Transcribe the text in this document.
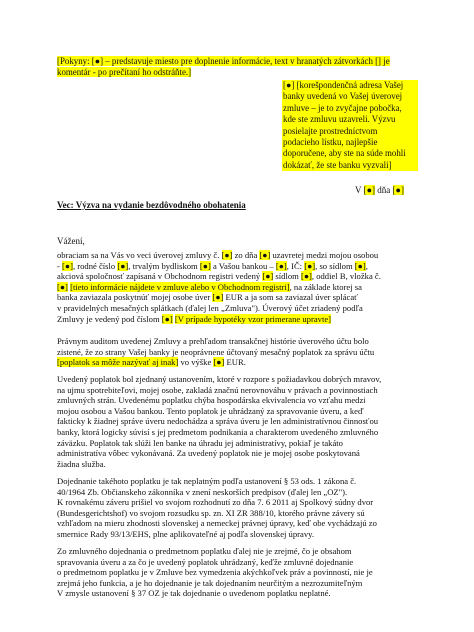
[Pokyny: [●] – predstavuje miesto pre doplnenie informácie, text v hranatých zátvorkách [] je
komentár - po prečítaní ho odstráňte.]
[●] [korešpondenčná adresa Vašej
banky uvedená vo Vašej úverovej
zmluve – je to zvyčajne pobočka,
kde ste zmluvu uzavreli. Výzvu
posielajte prostredníctvom
podacieho lístku, najlepšie
doporučene, aby ste na súde mohli
dokázať, že ste banku vyzvali]
V [●] dňa [●]
Vec: Výzva na vydanie bezdôvodného obohatenia
Vážení,
obraciam sa na Vás vo veci úverovej zmluvy č. [●] zo dňa [●] uzavretej medzi mojou osobou
- [●], rodné číslo [●], trvalým bydliskom [●] a Vašou bankou – [●], IČ: [●], so sídlom [●],
akciová spoločnosť zapísaná v Obchodnom registri vedený [●] sídlom [●], oddiel B, vložka č.
[●] [tieto informácie nájdete v zmluve alebo v Obchodnom registri], na základe ktorej sa
banka zaviazala poskytnúť mojej osobe úver [●] EUR a ja som sa zaviazal úver splácať
v pravidelných mesačných splátkach (ďalej len „Zmluva"). Úverový účet zriadený podľa
Zmluvy je vedený pod číslom [●] [V prípade hypotéky vzor primerane upravte]
Právnym auditom uvedenej Zmluvy a prehľadom transakčnej histórie úverového účtu bolo
zistené, že zo strany Vašej banky je neoprávnene účtovaný mesačný poplatok za správu účtu
[poplatok sa môže nazývať aj inak] vo výške [●] EUR.
Uvedený poplatok bol zjednaný ustanovením, ktoré v rozpore s požiadavkou dobrých mravov,
na ujmu spotrebiteľovi, mojej osobe, zakladá značnú nerovnováhu v právach a povinnostiach
zmluvných strán. Uvedenému poplatku chýba hospodárska ekvivalencia vo vzťahu medzi
mojou osobou a Vašou bankou. Tento poplatok je uhrádzaný za spravovanie úveru, a keď
fakticky k žiadnej správe úveru nedochádza a správa úveru je len administratívnou činnosťou
banky, ktorá logicky súvisí s jej predmetom podnikania a charakterom uvedeného zmluvného
záväzku. Poplatok tak slúži len banke na úhradu jej administratívy, pokiaľ je takáto
administratíva vôbec vykonávaná. Za uvedený poplatok nie je mojej osobe poskytovaná
žiadna služba.
Dojednanie takéhoto poplatku je tak neplatným podľa ustanovení § 53 ods. 1 zákona č.
40/1964 Zb. Občianskeho zákonníka v znení neskorších predpisov (ďalej len „OZ").
K rovnakému záveru prišiel vo svojom rozhodnutí zo dňa 7. 6 2011 aj Spolkový súdny dvor
(Bundesgerichtshof) vo svojom rozsudku sp. zn. XI ZR 388/10, ktorého právne závery sú
vzhľadom na mieru zhodnosti slovenskej a nemeckej právnej úpravy, keď obe vychádzajú zo
smernice Rady 93/13/EHS, plne aplikovateľné aj podľa slovenskej úpravy.
Zo zmluvného dojednania o predmetnom poplatku ďalej nie je zrejmé, čo je obsahom
spravovania úveru a za čo je uvedený poplatok uhrádzaný, keďže zmluvné dojednanie
o predmetnom poplatku je v Zmluve bez vymedzenia akýchkoľvek práv a povinností, nie je
zrejmá jeho funkcia, a je ho dojednanie je tak dojednaním neurčitým a nezrozumiteľným
V zmysle ustanovení § 37 OZ je tak dojednanie o uvedenom poplatku neplatné.
